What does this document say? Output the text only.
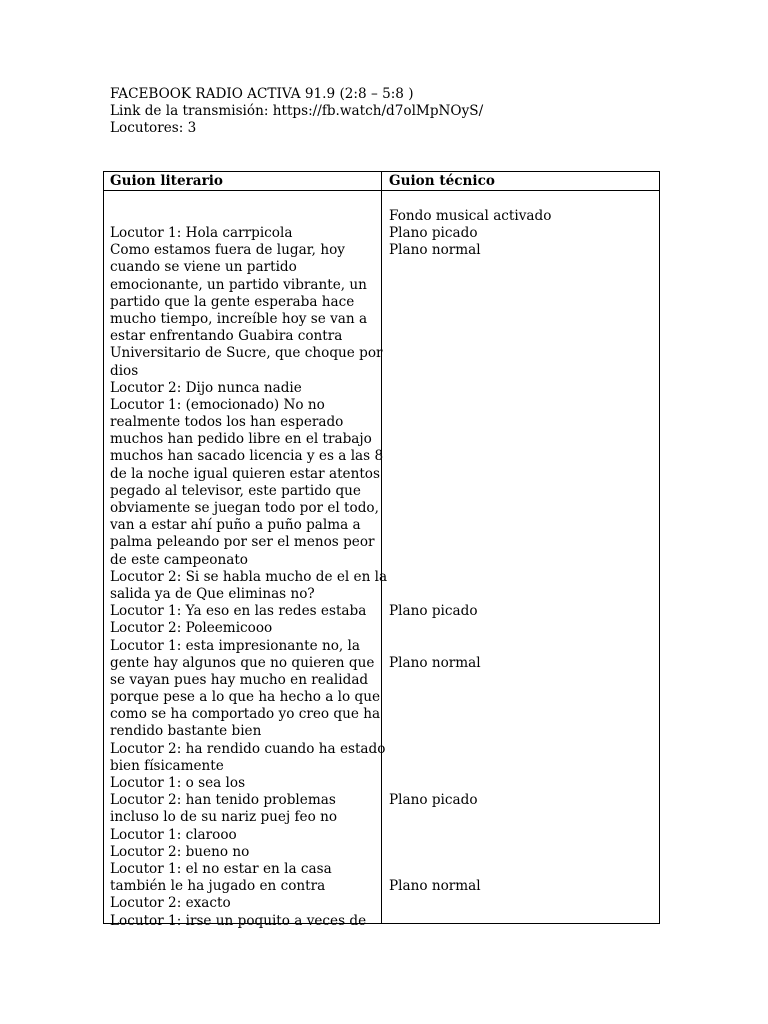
FACEBOOK RADIO ACTIVA 91.9 (2:8 – 5:8 )
Link de la transmisión: https://fb.watch/d7olMpNOyS/
Locutores: 3
Guion literario	Guion técnico
Locutor 1: Hola carrpicola
Como estamos fuera de lugar, hoy
cuando se viene un partido
emocionante, un partido vibrante, un
partido que la gente esperaba hace
mucho tiempo, increíble hoy se van a
estar enfrentando Guabira contra
Universitario de Sucre, que choque por
dios
Locutor 2: Dijo nunca nadie
Locutor 1: (emocionado) No no
realmente todos los han esperado
muchos han pedido libre en el trabajo
muchos han sacado licencia y es a las 8
de la noche igual quieren estar atentos
pegado al televisor, este partido que
obviamente se juegan todo por el todo,
van a estar ahí puño a puño palma a
palma peleando por ser el menos peor
de este campeonato
Locutor 2: Si se habla mucho de el en la
salida ya de Que eliminas no?
Locutor 1: Ya eso en las redes estaba
Locutor 2: Poleemicooo
Locutor 1: esta impresionante no, la
gente hay algunos que no quieren que
se vayan pues hay mucho en realidad
porque pese a lo que ha hecho a lo que
como se ha comportado yo creo que ha
rendido bastante bien
Locutor 2: ha rendido cuando ha estado
bien físicamente
Locutor 1: o sea los
Locutor 2: han tenido problemas
incluso lo de su nariz puej feo no
Locutor 1: clarooo
Locutor 2: bueno no
Locutor 1: el no estar en la casa
también le ha jugado en contra
Locutor 2: exacto
Locutor 1: irse un poquito a veces de
Fondo musical activado
Plano picado
Plano normal
Plano picado
Plano normal
Plano picado
Plano normal
